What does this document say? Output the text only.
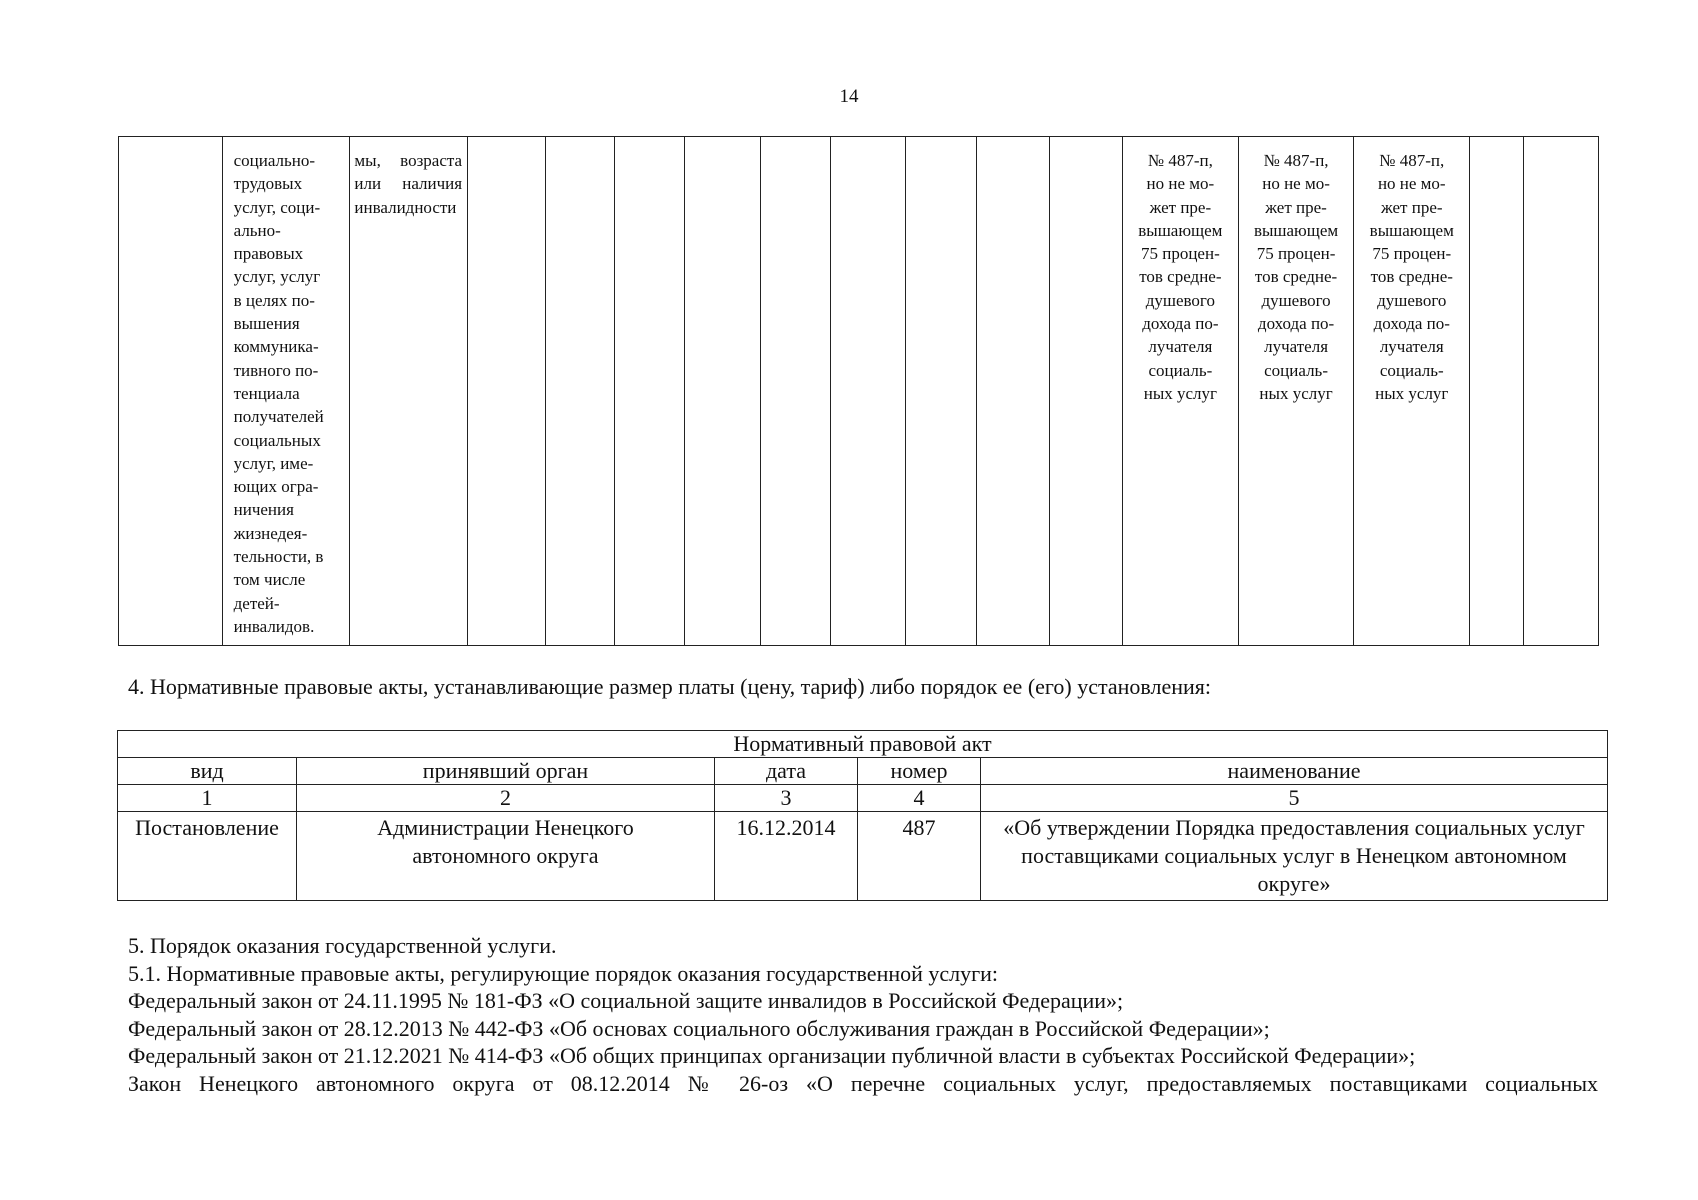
14
	социально-
трудовых
услуг, соци-
ально-
правовых
услуг, услуг
в целях по-
вышения
коммуника-
тивного по-
тенциала
получателей
социальных
услуг, име-
ющих огра-
ничения
жизнедея-
тельности, в
том числе
детей-
инвалидов.	мы, возраста или наличия инвалидности										№ 487-п,
но не мо-
жет пре-
вышающем
75 процен-
тов средне-
душевого
дохода по-
лучателя
социаль-
ных услуг	№ 487-п,
но не мо-
жет пре-
вышающем
75 процен-
тов средне-
душевого
дохода по-
лучателя
социаль-
ных услуг	№ 487-п,
но не мо-
жет пре-
вышающем
75 процен-
тов средне-
душевого
дохода по-
лучателя
социаль-
ных услуг		
4. Нормативные правовые акты, устанавливающие размер платы (цену, тариф) либо порядок ее (его) установления:
Нормативный правовой акт				
вид	принявший орган	дата	номер	наименование
1	2	3	4	5
Постановление	Администрации Ненецкого автономного округа	16.12.2014	487	«Об утверждении Порядка предоставления социальных услуг поставщиками социальных услуг в Ненецком автономном округе»
5. Порядок оказания государственной услуги.
5.1. Нормативные правовые акты, регулирующие порядок оказания государственной услуги:
Федеральный закон от 24.11.1995 № 181-ФЗ «О социальной защите инвалидов в Российской Федерации»;
Федеральный закон от 28.12.2013 № 442-ФЗ «Об основах социального обслуживания граждан в Российской Федерации»;
Федеральный закон от 21.12.2021 № 414-ФЗ «Об общих принципах организации публичной власти в субъектах Российской Федерации»;
Закон Ненецкого автономного округа от 08.12.2014 № 26-оз «О перечне социальных услуг, предоставляемых поставщиками социальных
